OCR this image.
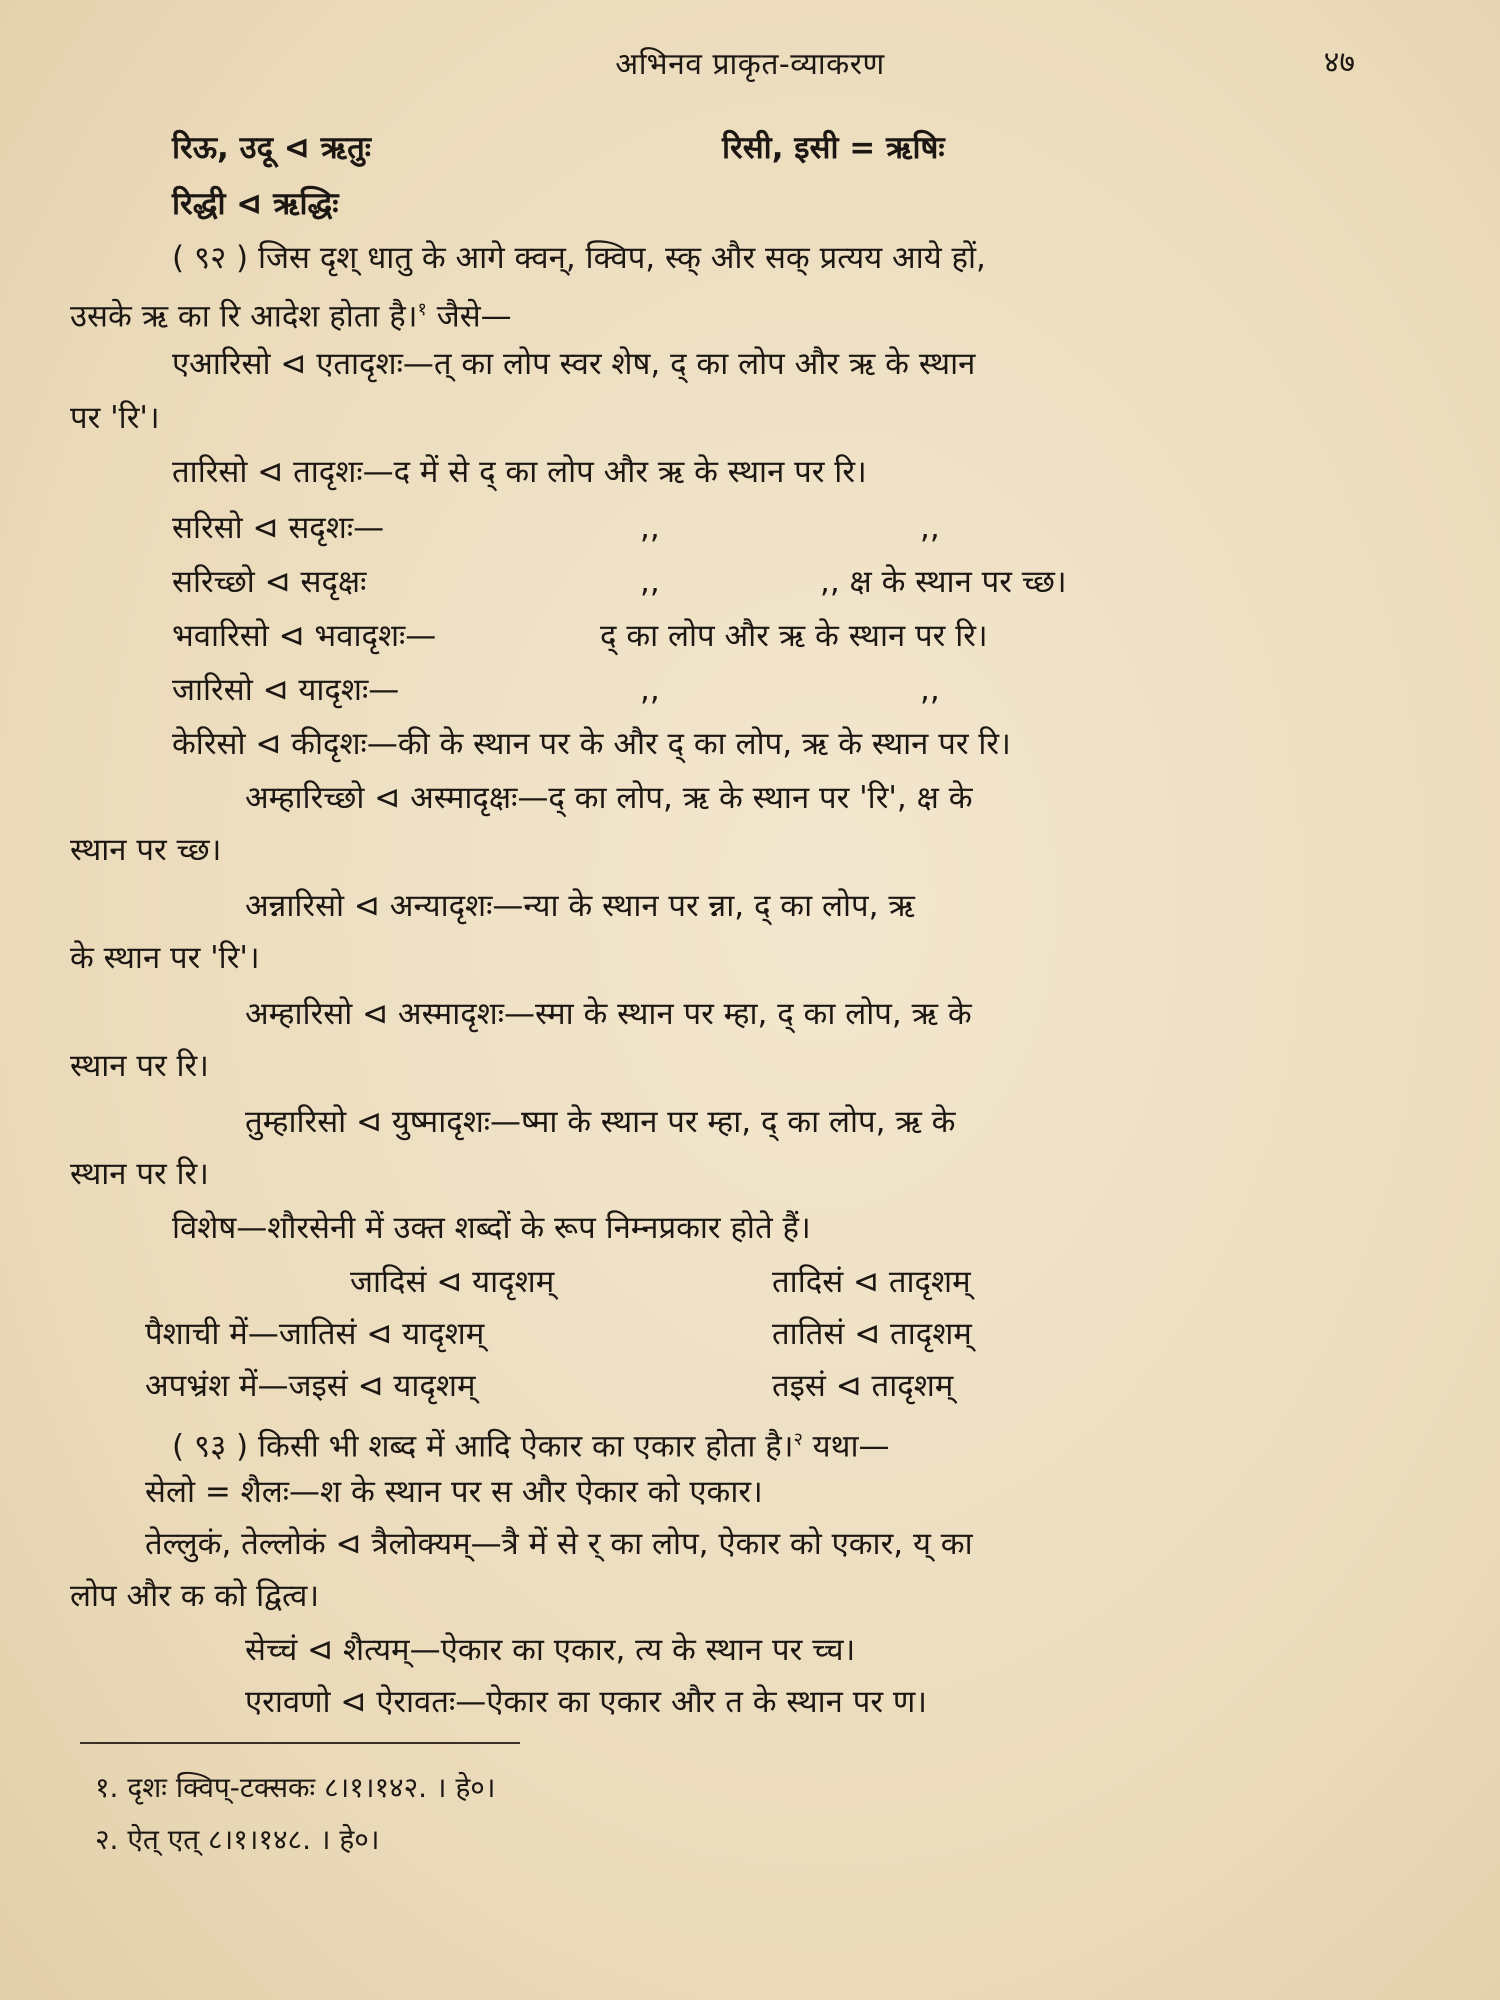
अभिनव प्राकृत-व्याकरण	४७
रिऊ, उदू ⊲ ऋतुः	रिसी, इसी = ऋषिः
रिद्धी ⊲ ऋद्धिः
( ९२ ) जिस दृश् धातु के आगे क्वन्, क्विप, स्क् और सक् प्रत्यय आये हों,
उसके ऋ का रि आदेश होता है।$^१$ जैसे—
एआरिसो ⊲ एतादृशः—त् का लोप स्वर शेष, द् का लोप और ऋ के स्थान
पर 'रि'।
तारिसो ⊲ तादृशः—द में से द् का लोप और ऋ के स्थान पर रि।
सरिसो ⊲ सदृशः—	,,	,,
सरिच्छो ⊲ सदृक्षः	,,	,, क्ष के स्थान पर च्छ।
भवारिसो ⊲ भवादृशः—	द् का लोप और ऋ के स्थान पर रि।
जारिसो ⊲ यादृशः—	,,	,,
केरिसो ⊲ कीदृशः—की के स्थान पर के और द् का लोप, ऋ के स्थान पर रि।
अम्हारिच्छो ⊲ अस्मादृक्षः—द् का लोप, ऋ के स्थान पर 'रि', क्ष के
स्थान पर च्छ।
अन्नारिसो ⊲ अन्यादृशः—न्या के स्थान पर न्ना, द् का लोप, ऋ
के स्थान पर 'रि'।
अम्हारिसो ⊲ अस्मादृशः—स्मा के स्थान पर म्हा, द् का लोप, ऋ के
स्थान पर रि।
तुम्हारिसो ⊲ युष्मादृशः—ष्मा के स्थान पर म्हा, द् का लोप, ऋ के
स्थान पर रि।
विशेष—शौरसेनी में उक्त शब्दों के रूप निम्नप्रकार होते हैं।
जादिसं ⊲ यादृशम्	तादिसं ⊲ तादृशम्
पैशाची में—जातिसं ⊲ यादृशम्	तातिसं ⊲ तादृशम्
अपभ्रंश में—जइसं ⊲ यादृशम्	तइसं ⊲ तादृशम्
( ९३ ) किसी भी शब्द में आदि ऐकार का एकार होता है।$^२$ यथा—
सेलो = शैलः—श के स्थान पर स और ऐकार को एकार।
तेल्लुकं, तेल्लोकं ⊲ त्रैलोक्यम्—त्रै में से र् का लोप, ऐकार को एकार, य् का
लोप और क को द्वित्व।
सेच्चं ⊲ शैत्यम्—ऐकार का एकार, त्य के स्थान पर च्च।
एरावणो ⊲ ऐरावतः—ऐकार का एकार और त के स्थान पर ण।
१. दृशः क्विप्-टक्सकः ८।१।१४२. । हे०।
२. ऐत् एत् ८।१।१४८. । हे०।
